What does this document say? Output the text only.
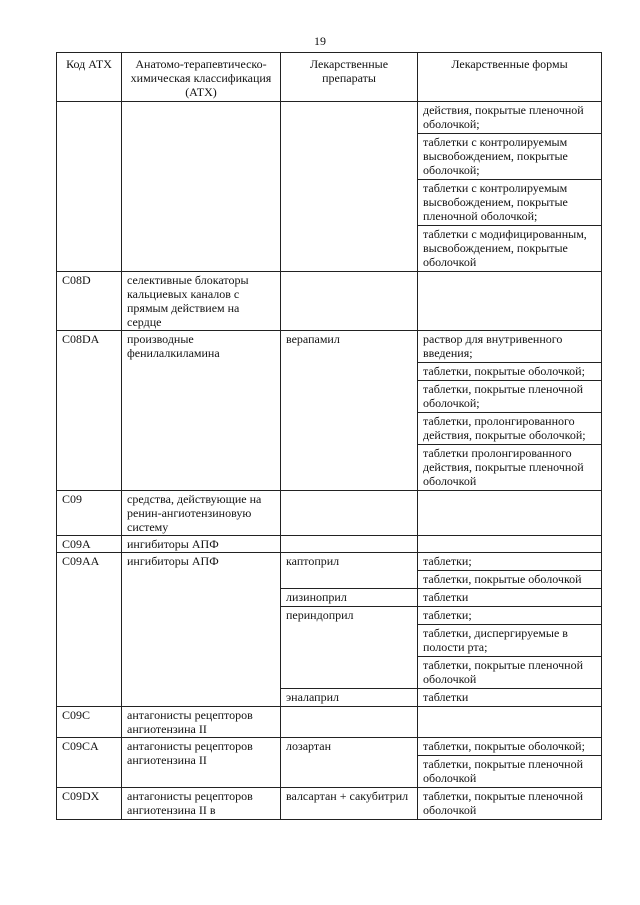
19
Код АТХ	Анатомо-терапевтическо-химическая классификация (АТХ)	Лекарственные препараты	Лекарственные формы

			действия, покрытые пленочной оболочкой;
таблетки с контролируемым высвобождением, покрытые оболочкой;
таблетки с контролируемым высвобождением, покрытые пленочной оболочкой;
таблетки с модифицированным, высвобождением, покрытые оболочкой

C08D	селективные блокаторы кальциевых каналов с прямым действием на сердце		
C08DA	производные фенилалкиламина	верапамил	раствор для внутривенного введения;
таблетки, покрытые оболочкой;
таблетки, покрытые пленочной оболочкой;
таблетки, пролонгированного действия, покрытые оболочкой;
таблетки пролонгированного действия, покрытые пленочной оболочкой

C09	средства, действующие на ренин-ангиотензиновую систему		
C09A	ингибиторы АПФ		
C09AA	ингибиторы АПФ	каптоприл	таблетки;
таблетки, покрытые оболочкой

		лизиноприл	таблетки

		периндоприл	таблетки;
таблетки, диспергируемые в полости рта;
таблетки, покрытые пленочной оболочкой

		эналаприл	таблетки

C09C	антагонисты рецепторов ангиотензина II		
C09CA	антагонисты рецепторов ангиотензина II	лозартан	таблетки, покрытые оболочкой;
таблетки, покрытые пленочной оболочкой

C09DX	антагонисты рецепторов ангиотензина II в	валсартан + сакубитрил	таблетки, покрытые пленочной оболочкой
